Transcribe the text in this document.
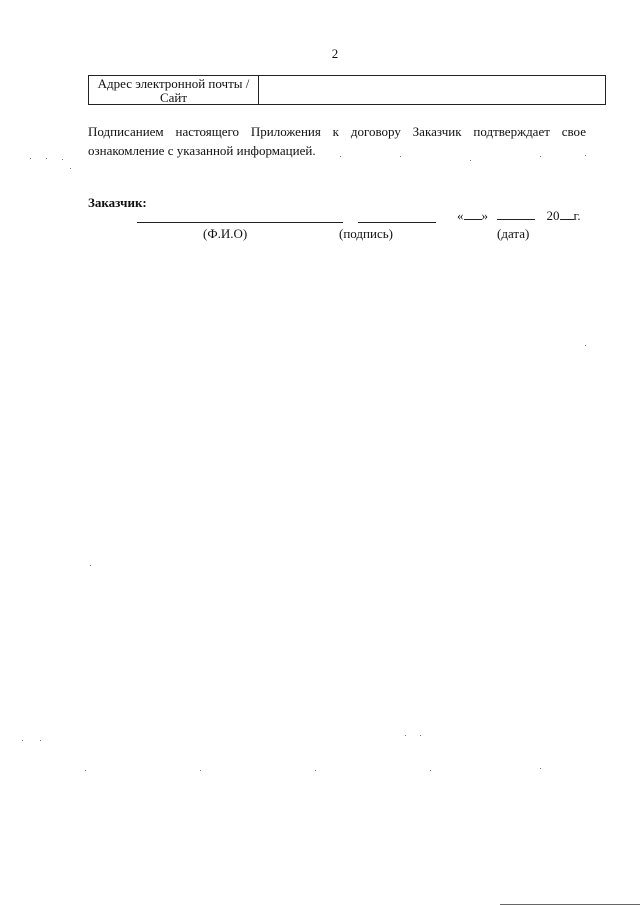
2
Адрес электронной почты /
Сайт
Подписанием настоящего Приложения к договору Заказчик подтверждает свое ознакомление с указанной информацией.
Заказчик:
« »	20 г.
(Ф.И.О)	(подпись)	(дата)
